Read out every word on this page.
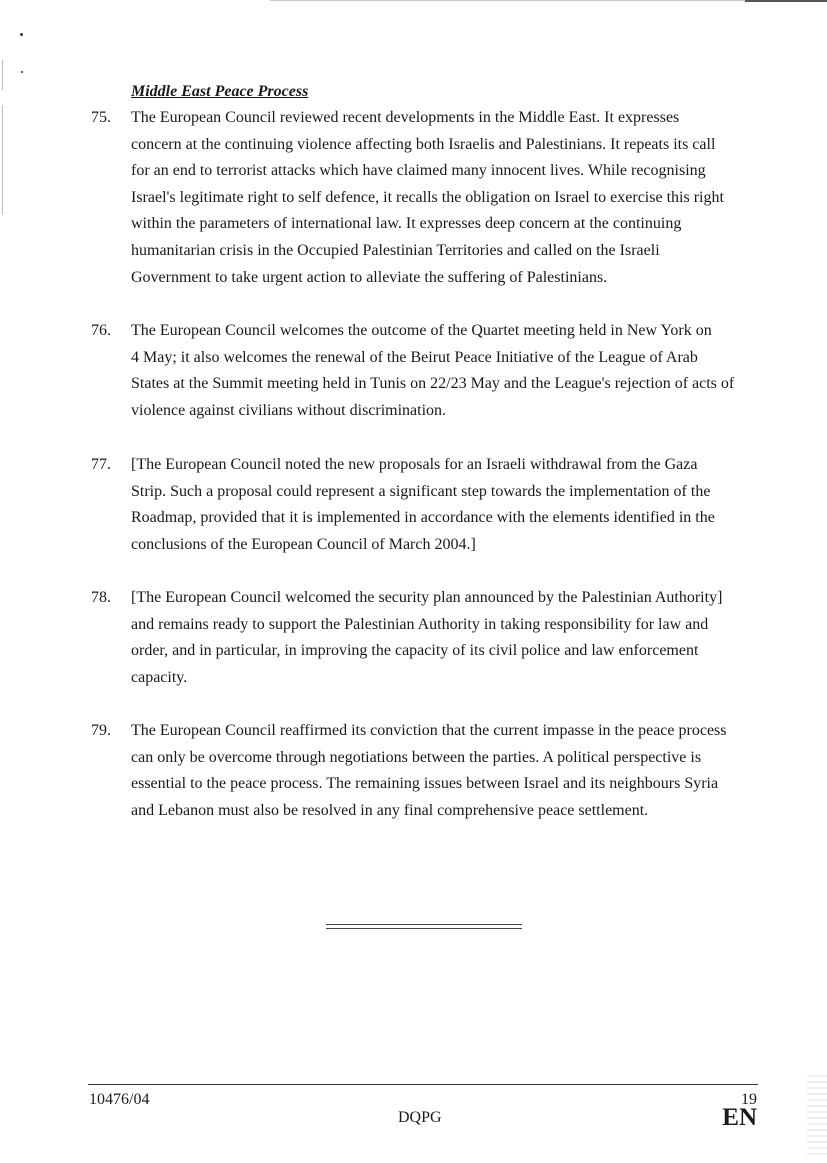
Middle East Peace Process
75. The European Council reviewed recent developments in the Middle East. It expresses
concern at the continuing violence affecting both Israelis and Palestinians. It repeats its call
for an end to terrorist attacks which have claimed many innocent lives. While recognising
Israel's legitimate right to self defence, it recalls the obligation on Israel to exercise this right
within the parameters of international law. It expresses deep concern at the continuing
humanitarian crisis in the Occupied Palestinian Territories and called on the Israeli
Government to take urgent action to alleviate the suffering of Palestinians.
76. The European Council welcomes the outcome of the Quartet meeting held in New York on
4 May; it also welcomes the renewal of the Beirut Peace Initiative of the League of Arab
States at the Summit meeting held in Tunis on 22/23 May and the League's rejection of acts of
violence against civilians without discrimination.
77. [The European Council noted the new proposals for an Israeli withdrawal from the Gaza
Strip. Such a proposal could represent a significant step towards the implementation of the
Roadmap, provided that it is implemented in accordance with the elements identified in the
conclusions of the European Council of March 2004.]
78. [The European Council welcomed the security plan announced by the Palestinian Authority]
and remains ready to support the Palestinian Authority in taking responsibility for law and
order, and in particular, in improving the capacity of its civil police and law enforcement
capacity.
79. The European Council reaffirmed its conviction that the current impasse in the peace process
can only be overcome through negotiations between the parties. A political perspective is
essential to the peace process. The remaining issues between Israel and its neighbours Syria
and Lebanon must also be resolved in any final comprehensive peace settlement.
10476/04	19
DQPG	EN
